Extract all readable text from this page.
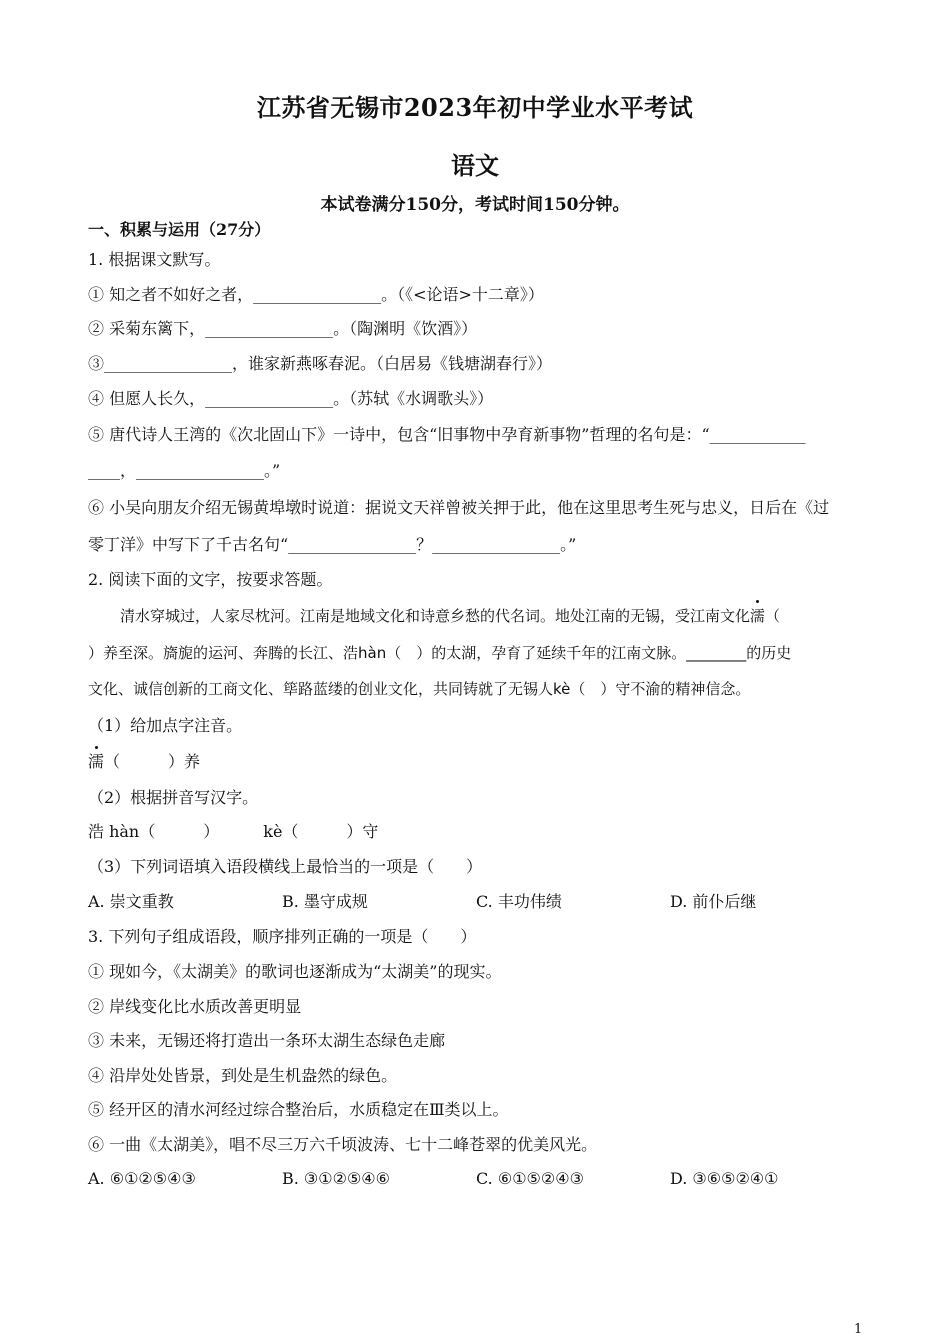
江苏省无锡市2023年初中学业水平考试
语文
本试卷满分150分，考试时间150分钟。
一、积累与运用（27分）
1. 根据课文默写。
① 知之者不如好之者，________________。（《<论语>十二章》）
② 采菊东篱下，________________。（陶渊明《饮酒》）
③________________，谁家新燕啄春泥。（白居易《钱塘湖春行》）
④ 但愿人长久，________________。（苏轼《水调歌头》）
⑤ 唐代诗人王湾的《次北固山下》一诗中，包含“旧事物中孕育新事物”哲理的名句是：“____________
____，________________。”
⑥ 小吴向朋友介绍无锡黄埠墩时说道：据说文天祥曾被关押于此，他在这里思考生死与忠义，日后在《过
零丁洋》中写下了千古名句“________________？________________。”
2. 阅读下面的文字，按要求答题。
清水穿城过，人家尽枕河。江南是地域文化和诗意乡愁的代名词。地处江南的无锡，受江南文化濡（
）养至深。旖旎的运河、奔腾的长江、浩hàn（　）的太湖，孕育了延续千年的江南文脉。________的历史
文化、诚信创新的工商文化、筚路蓝缕的创业文化，共同铸就了无锡人kè（　）守不渝的精神信念。
（1）给加点字注音。
濡（　　　）养
（2）根据拼音写汉字。
浩 hàn（　　　）	kè（　　　）守
（3）下列词语填入语段横线上最恰当的一项是（　　）
A. 崇文重教	B. 墨守成规	C. 丰功伟绩	D. 前仆后继
3. 下列句子组成语段，顺序排列正确的一项是（　　）
① 现如今，《太湖美》的歌词也逐渐成为“太湖美”的现实。
② 岸线变化比水质改善更明显
③ 未来，无锡还将打造出一条环太湖生态绿色走廊
④ 沿岸处处皆景，到处是生机盎然的绿色。
⑤ 经开区的清水河经过综合整治后，水质稳定在Ⅲ类以上。
⑥ 一曲《太湖美》，唱不尽三万六千顷波涛、七十二峰苍翠的优美风光。
A. ⑥①②⑤④③	B. ③①②⑤④⑥	C. ⑥①⑤②④③	D. ③⑥⑤②④①
1
